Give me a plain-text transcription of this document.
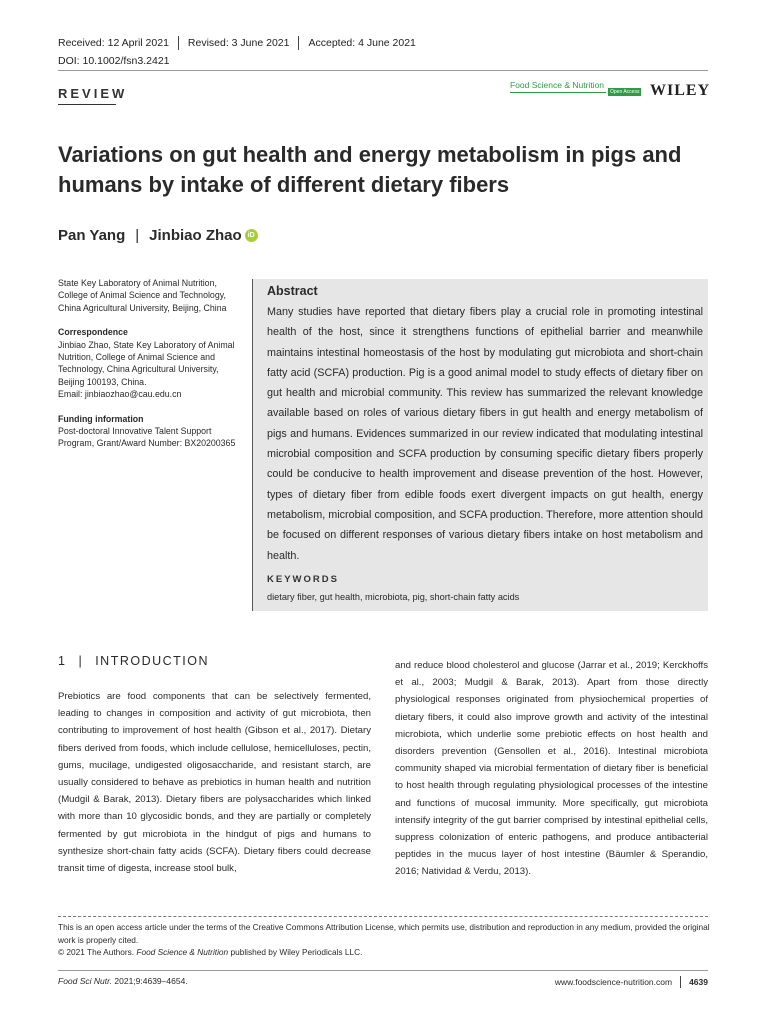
Received: 12 April 2021	Revised: 3 June 2021	Accepted: 4 June 2021
DOI: 10.1002/fsn3.2421
REVIEW
Food Science & Nutrition
Open Access WILEY
Variations on gut health and energy metabolism in pigs and humans by intake of different dietary fibers
Pan Yang | Jinbiao Zhao iD
State Key Laboratory of Animal Nutrition, College of Animal Science and Technology, China Agricultural University, Beijing, China
Correspondence
Jinbiao Zhao, State Key Laboratory of Animal Nutrition, College of Animal Science and Technology, China Agricultural University, Beijing 100193, China.
Email: jinbiaozhao@cau.edu.cn
Funding information
Post-doctoral Innovative Talent Support Program, Grant/Award Number: BX20200365
Abstract
Many studies have reported that dietary fibers play a crucial role in promoting intestinal health of the host, since it strengthens functions of epithelial barrier and meanwhile maintains intestinal homeostasis of the host by modulating gut microbiota and short-chain fatty acid (SCFA) production. Pig is a good animal model to study effects of dietary fiber on gut health and microbial community. This review has summarized the relevant knowledge available based on roles of various dietary fibers in gut health and energy metabolism of pigs and humans. Evidences summarized in our review indicated that modulating intestinal microbial composition and SCFA production by consuming specific dietary fibers properly could be conducive to health improvement and disease prevention of the host. However, types of dietary fiber from edible foods exert divergent impacts on gut health, energy metabolism, microbial composition, and SCFA production. Therefore, more attention should be focused on different responses of various dietary fibers intake on host metabolism and health.
KEYWORDS
dietary fiber, gut health, microbiota, pig, short-chain fatty acids
1 | INTRODUCTION
Prebiotics are food components that can be selectively fermented, leading to changes in composition and activity of gut microbiota, then contributing to improvement of host health (Gibson et al., 2017). Dietary fibers derived from foods, which include cellulose, hemicelluloses, pectin, gums, mucilage, undigested oligosaccharide, and resistant starch, are usually considered to behave as prebiotics in human health and nutrition (Mudgil & Barak, 2013). Dietary fibers are polysaccharides which linked with more than 10 glycosidic bonds, and they are partially or completely fermented by gut microbiota in the hindgut of pigs and humans to synthesize short-chain fatty acids (SCFA). Dietary fibers could decrease transit time of digesta, increase stool bulk,
and reduce blood cholesterol and glucose (Jarrar et al., 2019; Kerckhoffs et al., 2003; Mudgil & Barak, 2013). Apart from those directly physiological responses originated from physiochemical properties of dietary fibers, it could also improve growth and activity of the intestinal microbiota, which underlie some prebiotic effects on host health and disorders prevention (Gensollen et al., 2016). Intestinal microbiota community shaped via microbial fermentation of dietary fiber is beneficial to host health through regulating physiological processes of the intestine and functions of mucosal immunity. More specifically, gut microbiota intensify integrity of the gut barrier comprised by intestinal epithelial cells, suppress colonization of enteric pathogens, and produce antibacterial peptides in the mucus layer of host intestine (Bäumler & Sperandio, 2016; Natividad & Verdu, 2013).
This is an open access article under the terms of the Creative Commons Attribution License, which permits use, distribution and reproduction in any medium, provided the original work is properly cited.
© 2021 The Authors. Food Science & Nutrition published by Wiley Periodicals LLC.
Food Sci Nutr. 2021;9:4639–4654.	www.foodscience-nutrition.com 4639
